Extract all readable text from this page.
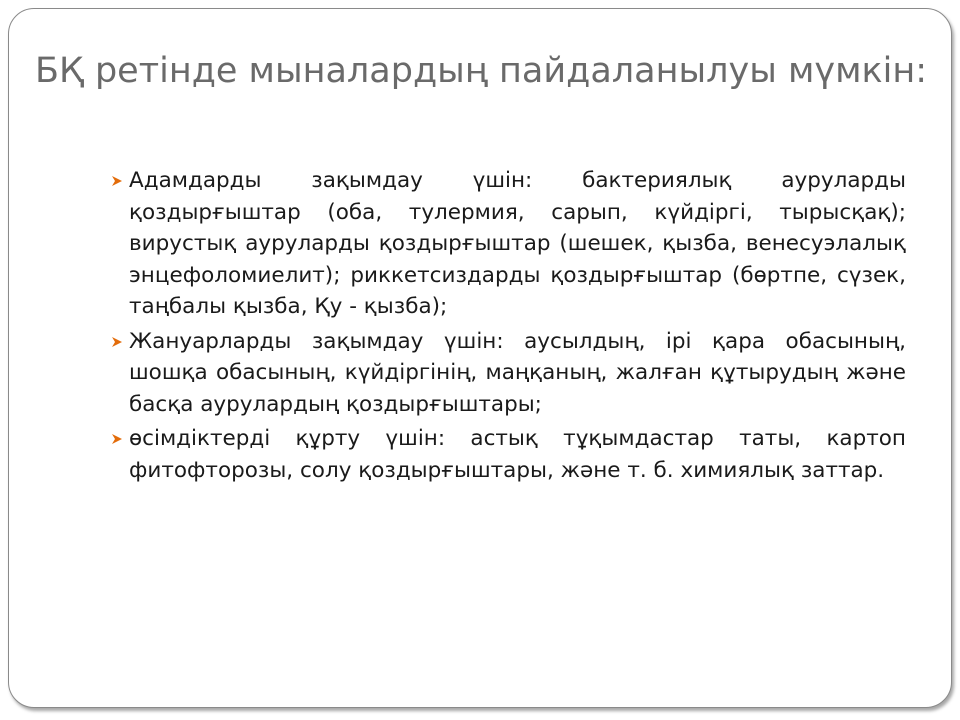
БҚ ретінде мыналардың пайдаланылуы мүмкін:
Адамдарды зақымдау үшін: бактериялық ауруларды қоздырғыштар (оба, тулермия, сарып, күйдіргі, тырысқақ); вирустық ауруларды қоздырғыштар (шешек, қызба, венесуэлалық энцефоломиелит); риккетсиздарды қоздырғыштар (бөртпе, сүзек, таңбалы қызба, Қу - қызба);
Жануарларды зақымдау үшін: аусылдың, ірі қара обасының, шошқа обасының, күйдіргінің, маңқаның, жалған құтырудың және басқа аурулардың қоздырғыштары;
өсімдіктерді құрту үшін: астық тұқымдастар таты, картоп фитофторозы, солу қоздырғыштары, және т. б. химиялық заттар.
